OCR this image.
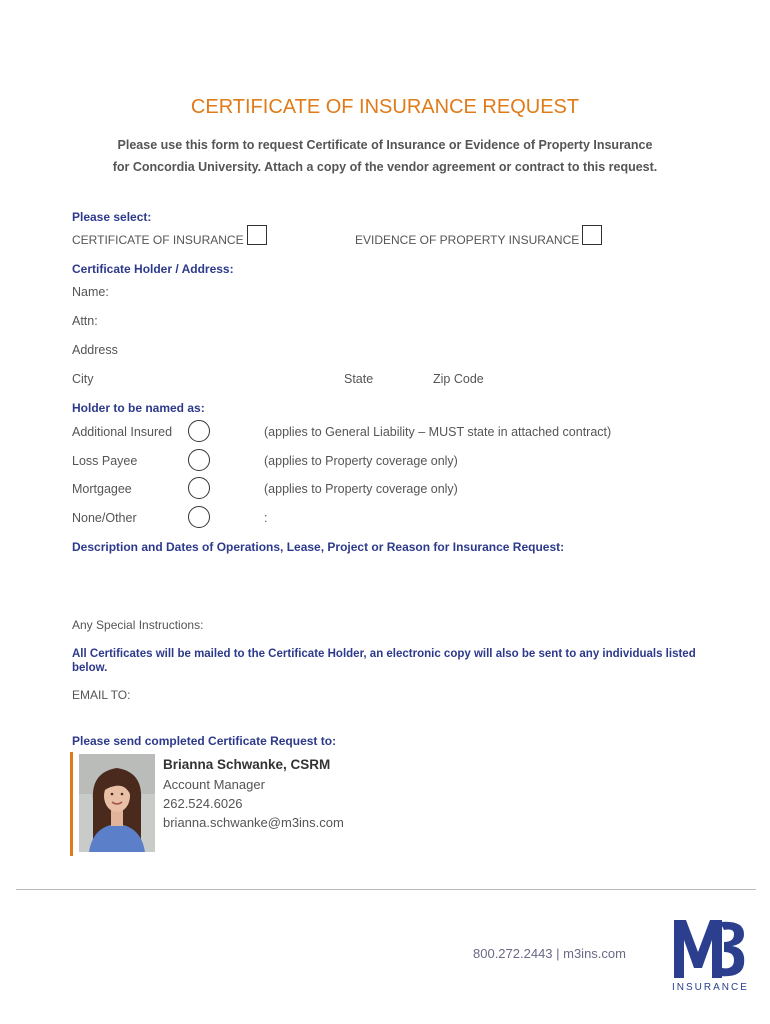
CERTIFICATE OF INSURANCE REQUEST
Please use this form to request Certificate of Insurance or Evidence of Property Insurance
for Concordia University. Attach a copy of the vendor agreement or contract to this request.
Please select:
CERTIFICATE OF INSURANCE	EVIDENCE OF PROPERTY INSURANCE
Certificate Holder / Address:
Name:
Attn:
Address
City	State	Zip Code
Holder to be named as:
Additional Insured	(applies to General Liability – MUST state in attached contract)
Loss Payee	(applies to Property coverage only)
Mortgagee	(applies to Property coverage only)
None/Other	:
Description and Dates of Operations, Lease, Project or Reason for Insurance Request:
Any Special Instructions:
All Certificates will be mailed to the Certificate Holder, an electronic copy will also be sent to any individuals listed below.
EMAIL TO:
Please send completed Certificate Request to:
Brianna Schwanke, CSRM
Account Manager
262.524.6026
brianna.schwanke@m3ins.com
800.272.2443 | m3ins.com
INSURANCE
